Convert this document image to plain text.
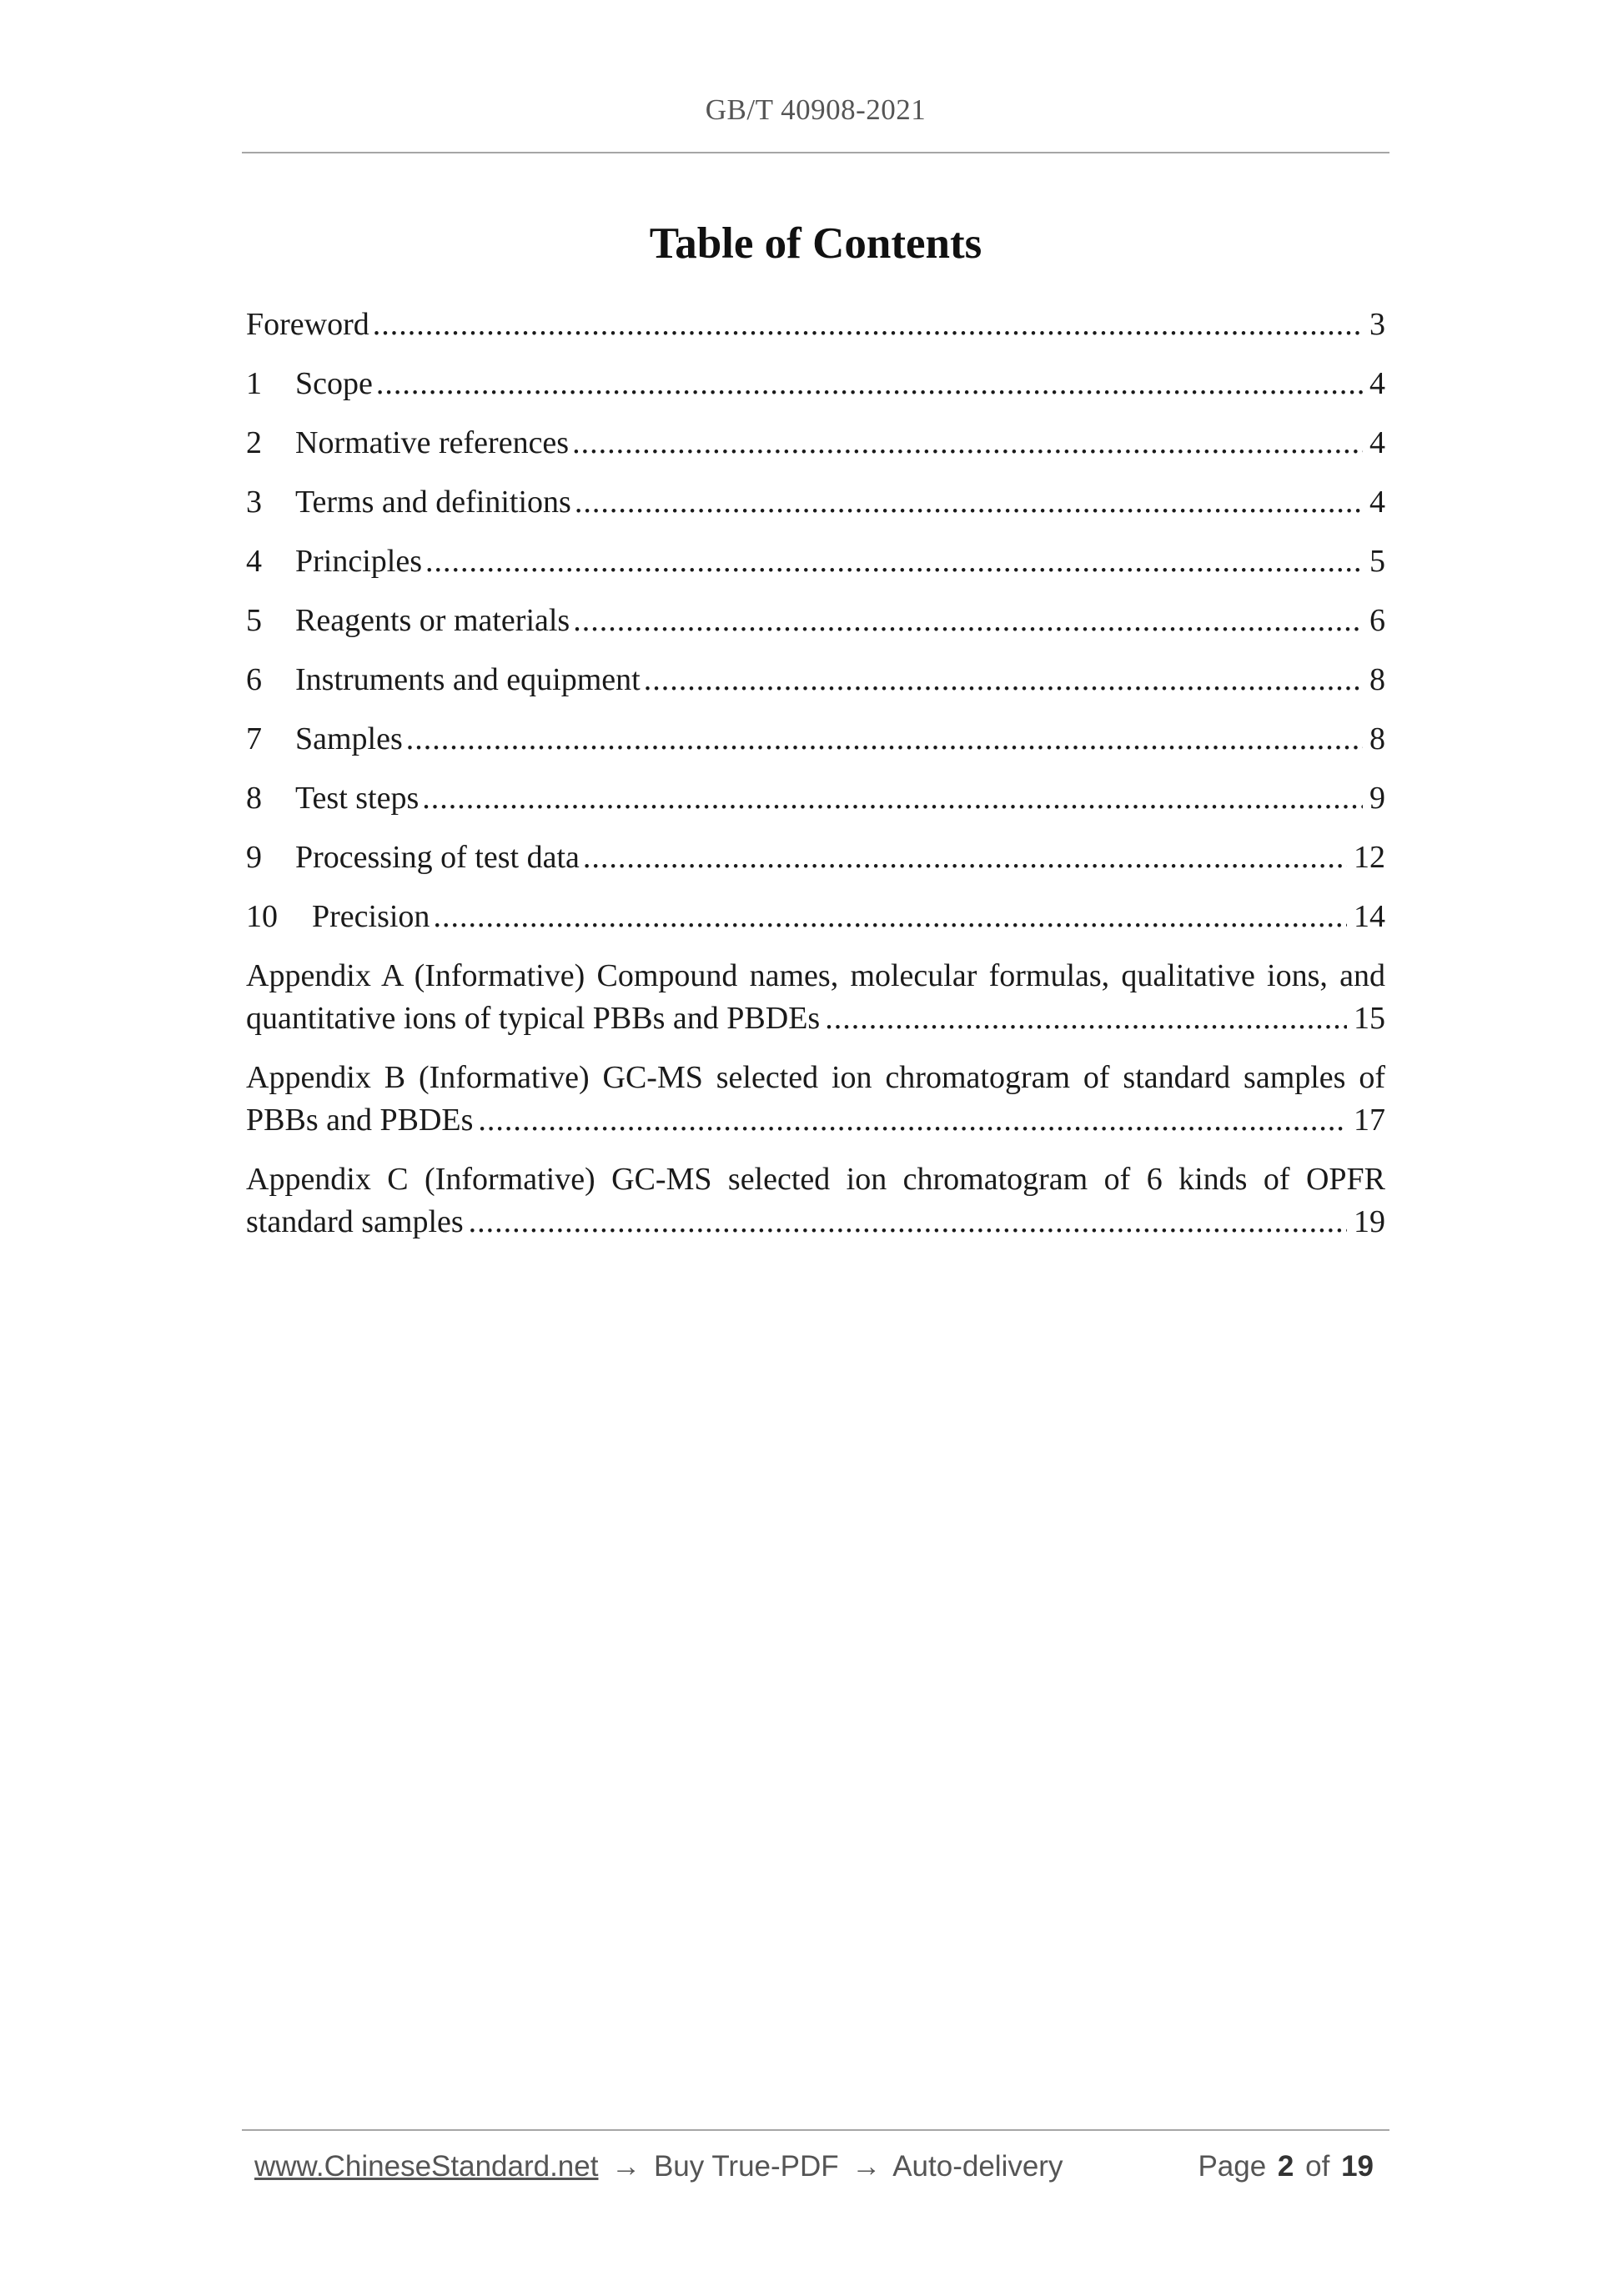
GB/T 40908-2021
Table of Contents
Foreword .....	3
1	Scope .....	4
2	Normative references .....	4
3	Terms and definitions .....	4
4	Principles .....	5
5	Reagents or materials .....	6
6	Instruments and equipment .....	8
7	Samples .....	8
8	Test steps .....	9
9	Processing of test data .....	12
10	Precision .....	14
Appendix A (Informative) Compound names, molecular formulas, qualitative ions, and
quantitative ions of typical PBBs and PBDEs .....	15
Appendix B (Informative) GC-MS selected ion chromatogram of standard samples of
PBBs and PBDEs .....	17
Appendix C (Informative) GC-MS selected ion chromatogram of 6 kinds of OPFR
standard samples .....	19
www.ChineseStandard.net → Buy True-PDF → Auto-delivery	Page 2 of 19
